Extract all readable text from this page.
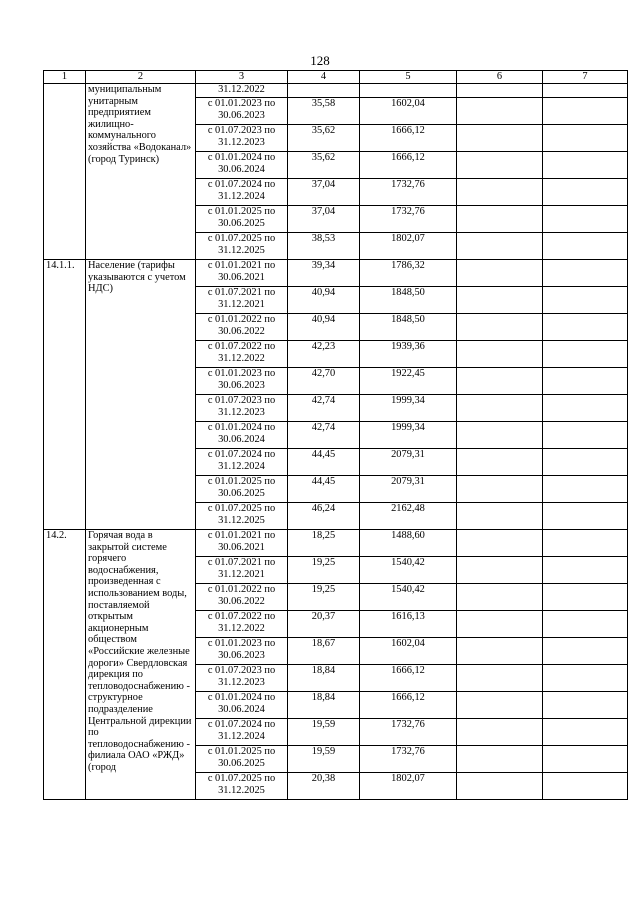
128
1	2	3	4	5	6	7
	муниципальным унитарным предприятием жилищно-коммунального хозяйства «Водоканал» (город Туринск)	31.12.2022				
		с 01.01.2023 по 30.06.2023	35,58	1602,04		
		с 01.07.2023 по 31.12.2023	35,62	1666,12		
		с 01.01.2024 по 30.06.2024	35,62	1666,12		
		с 01.07.2024 по 31.12.2024	37,04	1732,76		
		с 01.01.2025 по 30.06.2025	37,04	1732,76		
		с 01.07.2025 по 31.12.2025	38,53	1802,07		
14.1.1.	Население (тарифы указываются с учетом НДС)	с 01.01.2021 по 30.06.2021	39,34	1786,32		
		с 01.07.2021 по 31.12.2021	40,94	1848,50		
		с 01.01.2022 по 30.06.2022	40,94	1848,50		
		с 01.07.2022 по 31.12.2022	42,23	1939,36		
		с 01.01.2023 по 30.06.2023	42,70	1922,45		
		с 01.07.2023 по 31.12.2023	42,74	1999,34		
		с 01.01.2024 по 30.06.2024	42,74	1999,34		
		с 01.07.2024 по 31.12.2024	44,45	2079,31		
		с 01.01.2025 по 30.06.2025	44,45	2079,31		
		с 01.07.2025 по 31.12.2025	46,24	2162,48		
14.2.	Горячая вода в закрытой системе горячего водоснабжения, произведенная с использованием воды, поставляемой открытым акционерным обществом «Российские железные дороги» Свердловская дирекция по тепловодоснабжению - структурное подразделение Центральной дирекции по тепловодоснабжению - филиала ОАО «РЖД» (город	с 01.01.2021 по 30.06.2021	18,25	1488,60		
		с 01.07.2021 по 31.12.2021	19,25	1540,42		
		с 01.01.2022 по 30.06.2022	19,25	1540,42		
		с 01.07.2022 по 31.12.2022	20,37	1616,13		
		с 01.01.2023 по 30.06.2023	18,67	1602,04		
		с 01.07.2023 по 31.12.2023	18,84	1666,12		
		с 01.01.2024 по 30.06.2024	18,84	1666,12		
		с 01.07.2024 по 31.12.2024	19,59	1732,76		
		с 01.01.2025 по 30.06.2025	19,59	1732,76		
		с 01.07.2025 по 31.12.2025	20,38	1802,07		
